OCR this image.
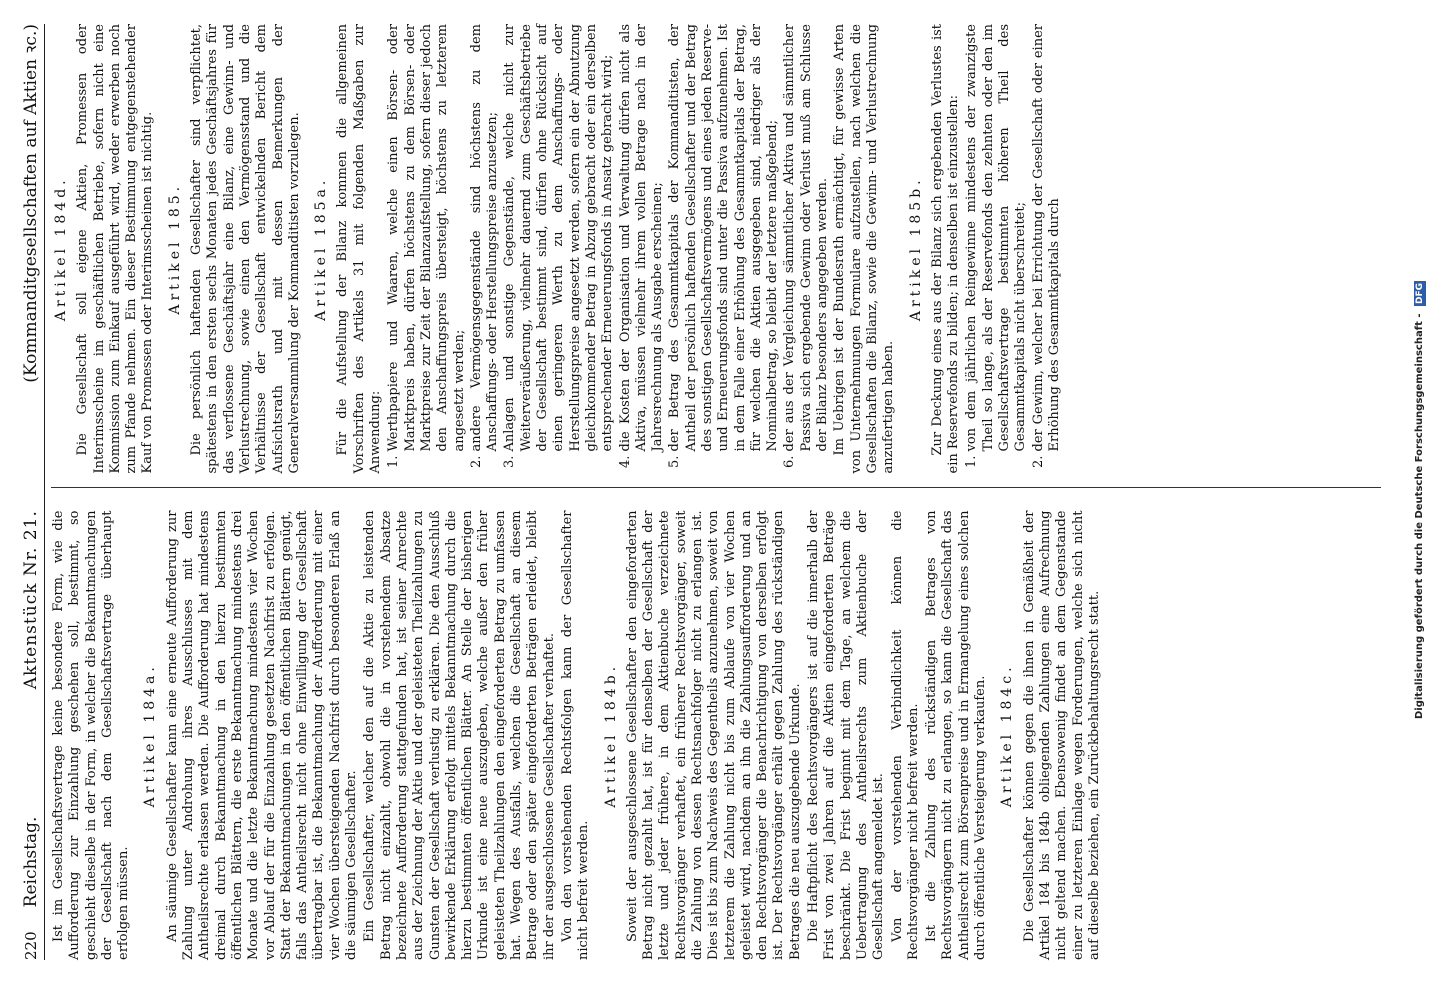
220
Reichstag.
Aktenstück Nr. 21.
(Kommanditgesellschaften auf Aktien ꝛc.)

Ist im Gesellschaftsvertrage keine besondere Form, wie die Aufforderung zur Einzahlung geschehen soll, bestimmt, so geschieht dieselbe in der Form, in welcher die Bekanntmachungen der Gesellschaft nach dem Gesellschaftsvertrage überhaupt erfolgen müssen.

Artikel 184a. An säumige Gesellschafter kann eine erneute Aufforderung zur Zahlung unter Androhung ihres Ausschlusses mit dem Antheilsrechte erlassen werden. Die Aufforderung hat mindestens dreimal durch Bekanntmachung in den hierzu bestimmten öffentlichen Blättern, die erste Bekanntmachung mindestens drei Monate und die letzte Bekanntmachung mindestens vier Wochen vor Ablauf der für die Einzahlung gesetzten Nachfrist zu erfolgen. Statt der Bekanntmachungen in den öffentlichen Blättern genügt, falls das Antheilsrecht nicht ohne Einwilligung der Gesellschaft übertragbar ist, die Bekanntmachung der Aufforderung mit einer vier Wochen übersteigenden Nachfrist durch besonderen Erlaß an die säumigen Gesellschafter. Ein Gesellschafter, welcher den auf die Aktie zu leistenden Betrag nicht einzahlt, obwohl die in vorstehendem Absatze bezeichnete Aufforderung stattgefunden hat, ist seiner Anrechte aus der Zeichnung der Aktie und der geleisteten Theilzahlungen zu Gunsten der Gesellschaft verlustig zu erklären. Die den Ausschluß bewirkende Erklärung erfolgt mittels Bekanntmachung durch die hierzu bestimmten öffentlichen Blätter. An Stelle der bisherigen Urkunde ist eine neue auszugeben, welche außer den früher geleisteten Theilzahlungen den eingeforderten Betrag zu umfassen hat. Wegen des Ausfalls, welchen die Gesellschaft an diesem Betrage oder den später eingeforderten Beträgen erleidet, bleibt ihr der ausgeschlossene Gesellschafter verhaftet. Von den vorstehenden Rechtsfolgen kann der Gesellschafter nicht befreit werden.

Artikel 184b. Soweit der ausgeschlossene Gesellschafter den eingeforderten Betrag nicht gezahlt hat, ist für denselben der Gesellschaft der letzte und jeder frühere, in dem Aktienbuche verzeichnete Rechtsvorgänger verhaftet, ein früherer Rechtsvorgänger, soweit die Zahlung von dessen Rechtsnachfolger nicht zu erlangen ist. Dies ist bis zum Nachweis des Gegentheils anzunehmen, soweit von letzterem die Zahlung nicht bis zum Ablaufe von vier Wochen geleistet wird, nachdem an ihn die Zahlungsaufforderung und an den Rechtsvorgänger die Benachrichtigung von derselben erfolgt ist. Der Rechtsvorgänger erhält gegen Zahlung des rückständigen Betrages die neu auszugebende Urkunde. Die Haftpflicht des Rechtsvorgängers ist auf die innerhalb der Frist von zwei Jahren auf die Aktien eingeforderten Beträge beschränkt. Die Frist beginnt mit dem Tage, an welchem die Uebertragung des Antheilsrechts zum Aktienbuche der Gesellschaft angemeldet ist. Von der vorstehenden Verbindlichkeit können die Rechtsvorgänger nicht befreit werden. Ist die Zahlung des rückständigen Betrages von Rechtsvorgängern nicht zu erlangen, so kann die Gesellschaft das Antheilsrecht zum Börsenpreise und in Ermangelung eines solchen durch öffentliche Versteigerung verkaufen. Artikel 184c. Die Gesellschafter können gegen die ihnen in Gemäßheit der Artikel 184 bis 184b obliegenden Zahlungen eine Aufrechnung nicht geltend machen. Ebensowenig findet an dem Gegenstande einer zu letzteren Einlage wegen Forderungen, welche sich nicht auf dieselbe beziehen, ein Zurückbehaltungsrecht statt.

Artikel 184d. Die Gesellschaft soll eigene Aktien, Promessen oder Interimsscheine im geschäftlichen Betriebe, sofern nicht eine Kommission zum Einkauf ausgeführt wird, weder erwerben noch zum Pfande nehmen. Ein dieser Bestimmung entgegenstehender Kauf von Promessen oder Interimsscheinen ist nichtig. Artikel 185. Die persönlich haftenden Gesellschafter sind verpflichtet, spätestens in den ersten sechs Monaten jedes Geschäftsjahres für das verflossene Geschäftsjahr eine Bilanz, eine Gewinn- und Verlustrechnung, sowie einen den Vermögensstand und die Verhältnisse der Gesellschaft entwickelnden Bericht dem Aufsichtsrath und mit dessen Bemerkungen der Generalversammlung der Kommanditisten vorzulegen. Artikel 185a. Für die Aufstellung der Bilanz kommen die allgemeinen Vorschriften des Artikels 31 mit folgenden Maßgaben zur Anwendung: 1. Werthpapiere und Waaren, welche einen Börsen- oder Marktpreis haben, dürfen höchstens zu dem Börsen- oder Marktpreise zur Zeit der Bilanzaufstellung, sofern dieser jedoch den Anschaffungspreis übersteigt, höchstens zu letzterem angesetzt werden; 2. andere Vermögensgegenstände sind höchstens zu dem Anschaffungs- oder Herstellungspreise anzusetzen; 3. Anlagen und sonstige Gegenstände, welche nicht zur Weiterveräußerung, vielmehr dauernd zum Geschäftsbetriebe der Gesellschaft bestimmt sind, dürfen ohne Rücksicht auf einen geringeren Werth zu dem Anschaffungs- oder Herstellungspreise angesetzt werden, sofern ein der Abnutzung gleichkommender Betrag in Abzug gebracht oder ein derselben entsprechender Erneuerungsfonds in Ansatz gebracht wird; 4. die Kosten der Organisation und Verwaltung dürfen nicht als Aktiva, müssen vielmehr ihrem vollen Betrage nach in der Jahresrechnung als Ausgabe erscheinen; 5. der Betrag des Gesammtkapitals der Kommanditisten, der Antheil der persönlich haftenden Gesellschafter und der Betrag des sonstigen Gesellschaftsvermögens und eines jeden Reserve- und Erneuerungsfonds sind unter die Passiva aufzunehmen. Ist in dem Falle einer Erhöhung des Gesammtkapitals der Betrag, für welchen die Aktien ausgegeben sind, niedriger als der Nominalbetrag, so bleibt der letztere maßgebend; 6. der aus der Vergleichung sämmtlicher Aktiva und sämmtlicher Passiva sich ergebende Gewinn oder Verlust muß am Schlusse der Bilanz besonders angegeben werden. Im Uebrigen ist der Bundesrath ermächtigt, für gewisse Arten von Unternehmungen Formulare aufzustellen, nach welchen die Gesellschaften die Bilanz, sowie die Gewinn- und Verlustrechnung anzufertigen haben.

Artikel 185b. Zur Deckung eines aus der Bilanz sich ergebenden Verlustes ist ein Reservefonds zu bilden; in denselben ist einzustellen: 1. von dem jährlichen Reingewinne mindestens der zwanzigste Theil so lange, als der Reservefonds den zehnten oder den im Gesellschaftsvertrage bestimmten höheren Theil des Gesammtkapitals nicht überschreitet; 2. der Gewinn, welcher bei Errichtung der Gesellschaft oder einer Erhöhung des Gesammtkapitals durch	Digitalisierung gefördert durch die Deutsche Forschungsgemeinschaft - DFG
